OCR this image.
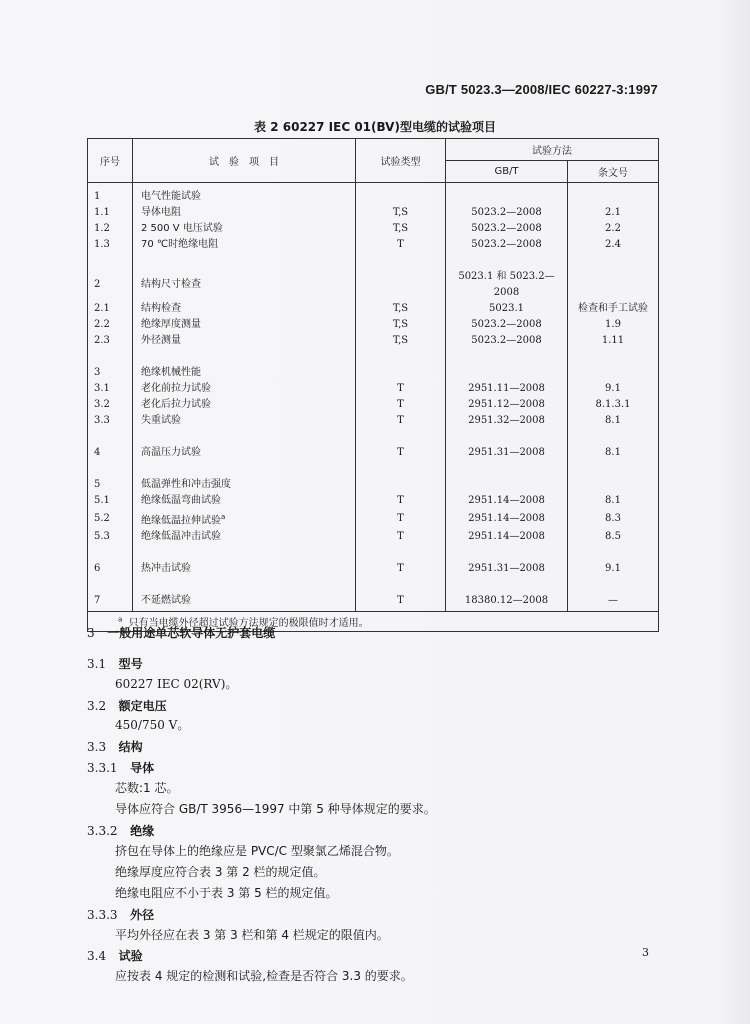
GB/T 5023.3—2008/IEC 60227-3:1997
表 2 60227 IEC 01(BV)型电缆的试验项目
序号	试　验　项　目	试验类型	试验方法	
			GB/T	条文号
1	电气性能试验			
1.1	导体电阻	T,S	5023.2—2008	2.1
1.2	2 500 V 电压试验	T,S	5023.2—2008	2.2
1.3	70 ℃时绝缘电阻	T	5023.2—2008	2.4

2	结构尺寸检查		5023.1 和 5023.2—2008	
2.1	结构检查	T,S	5023.1	检查和手工试验
2.2	绝缘厚度测量	T,S	5023.2—2008	1.9
2.3	外径测量	T,S	5023.2—2008	1.11

3	绝缘机械性能			
3.1	老化前拉力试验	T	2951.11—2008	9.1
3.2	老化后拉力试验	T	2951.12—2008	8.1.3.1
3.3	失重试验	T	2951.32—2008	8.1

4	高温压力试验	T	2951.31—2008	8.1

5	低温弹性和冲击强度			
5.1	绝缘低温弯曲试验	T	2951.14—2008	8.1
5.2	绝缘低温拉伸试验$^a$	T	2951.14—2008	8.3
5.3	绝缘低温冲击试验	T	2951.14—2008	8.5

6	热冲击试验	T	2951.31—2008	9.1

7	不延燃试验	T	18380.12—2008	—
$^a$ 只有当电缆外径超过试验方法规定的极限值时才适用。				
3 一般用途单芯软导体无护套电缆
3.1 型号
60227 IEC 02(RV)。
3.2 额定电压
450/750 V。
3.3 结构
3.3.1 导体
芯数:1 芯。
导体应符合 GB/T 3956—1997 中第 5 种导体规定的要求。
3.3.2 绝缘
挤包在导体上的绝缘应是 PVC/C 型聚氯乙烯混合物。
绝缘厚度应符合表 3 第 2 栏的规定值。
绝缘电阻应不小于表 3 第 5 栏的规定值。
3.3.3 外径
平均外径应在表 3 第 3 栏和第 4 栏规定的限值内。
3.4 试验
应按表 4 规定的检测和试验,检查是否符合 3.3 的要求。
3
